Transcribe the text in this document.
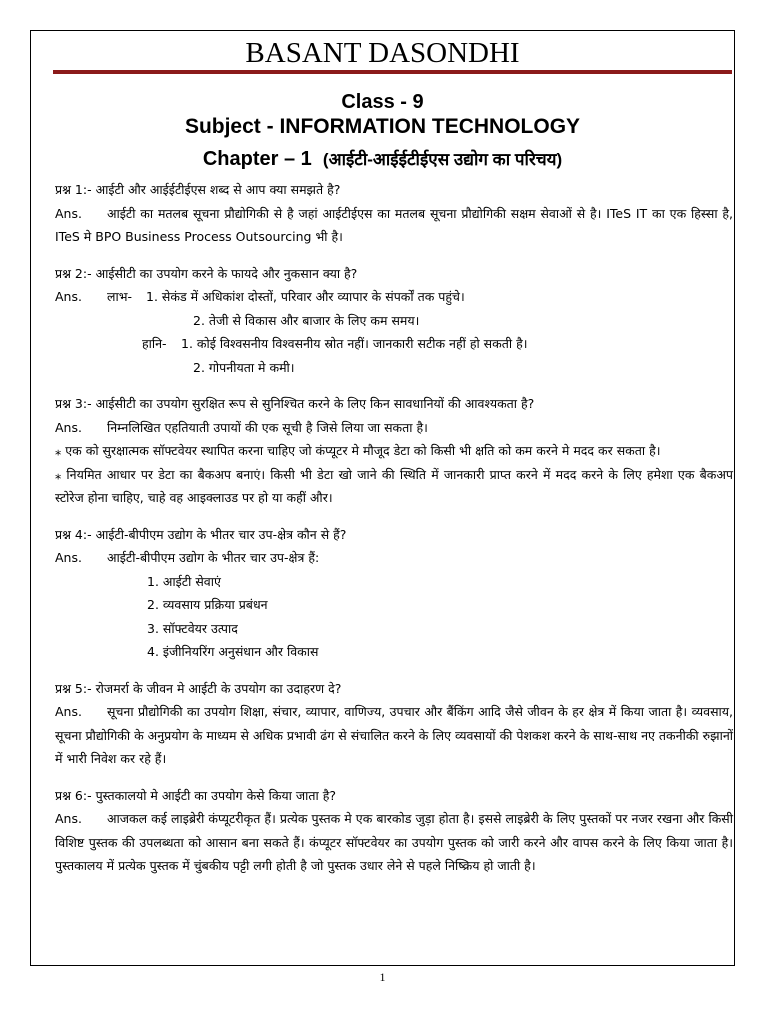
BASANT DASONDHI
Class - 9
Subject - INFORMATION TECHNOLOGY
Chapter – 1 (आईटी-आईईटीईएस उद्योग का परिचय)

प्रश्न 1:- आईटी और आईईटीईएस शब्द से आप क्या समझते है?

Ans. आईटी का मतलब सूचना प्रौद्योगिकी से है जहां आईटीईएस का मतलब सूचना प्रौद्योगिकी सक्षम सेवाओं से है। ITeS IT का एक हिस्सा है, ITeS मे BPO Business Process Outsourcing भी है।

प्रश्न 2:- आईसीटी का उपयोग करने के फायदे और नुकसान क्या है?

Ans. लाभ- 1. सेकंड में अधिकांश दोस्तों, परिवार और व्यापार के संपर्कों तक पहुंचे।

2. तेजी से विकास और बाजार के लिए कम समय।

हानि- 1. कोई विश्वसनीय विश्वसनीय स्रोत नहीं। जानकारी सटीक नहीं हो सकती है।

2. गोपनीयता मे कमी।

प्रश्न 3:- आईसीटी का उपयोग सुरक्षित रूप से सुनिश्चित करने के लिए किन सावधानियों की आवश्यकता है?

Ans. निम्नलिखित एहतियाती उपायों की एक सूची है जिसे लिया जा सकता है।

⁎ एक को सुरक्षात्मक सॉफ्टवेयर स्थापित करना चाहिए जो कंप्यूटर मे मौजूद डेटा को किसी भी क्षति को कम करने मे मदद कर सकता है।

⁎ नियमित आधार पर डेटा का बैकअप बनाएं। किसी भी डेटा खो जाने की स्थिति में जानकारी प्राप्त करने में मदद करने के लिए हमेशा एक बैकअप स्टोरेज होना चाहिए, चाहे वह आइक्लाउड पर हो या कहीं और।

प्रश्न 4:- आईटी-बीपीएम उद्योग के भीतर चार उप-क्षेत्र कौन से हैं?

Ans. आईटी-बीपीएम उद्योग के भीतर चार उप-क्षेत्र हैं:

1. आईटी सेवाएं

2. व्यवसाय प्रक्रिया प्रबंधन

3. सॉफ्टवेयर उत्पाद

4. इंजीनियरिंग अनुसंधान और विकास

प्रश्न 5:- रोजमर्रा के जीवन मे आईटी के उपयोग का उदाहरण दे?

Ans. सूचना प्रौद्योगिकी का उपयोग शिक्षा, संचार, व्यापार, वाणिज्य, उपचार और बैंकिंग आदि जैसे जीवन के हर क्षेत्र में किया जाता है। व्यवसाय, सूचना प्रौद्योगिकी के अनुप्रयोग के माध्यम से अधिक प्रभावी ढंग से संचालित करने के लिए व्यवसायों की पेशकश करने के साथ-साथ नए तकनीकी रुझानों में भारी निवेश कर रहे हैं।

प्रश्न 6:- पुस्तकालयो मे आईटी का उपयोग केसे किया जाता है?

Ans. आजकल कई लाइब्रेरी कंप्यूटरीकृत हैं। प्रत्येक पुस्तक मे एक बारकोड जुड़ा होता है। इससे लाइब्रेरी के लिए पुस्तकों पर नजर रखना और किसी विशिष्ट पुस्तक की उपलब्धता को आसान बना सकते हैं। कंप्यूटर सॉफ्टवेयर का उपयोग पुस्तक को जारी करने और वापस करने के लिए किया जाता है। पुस्तकालय में प्रत्येक पुस्तक में चुंबकीय पट्टी लगी होती है जो पुस्तक उधार लेने से पहले निष्क्रिय हो जाती है।

1
